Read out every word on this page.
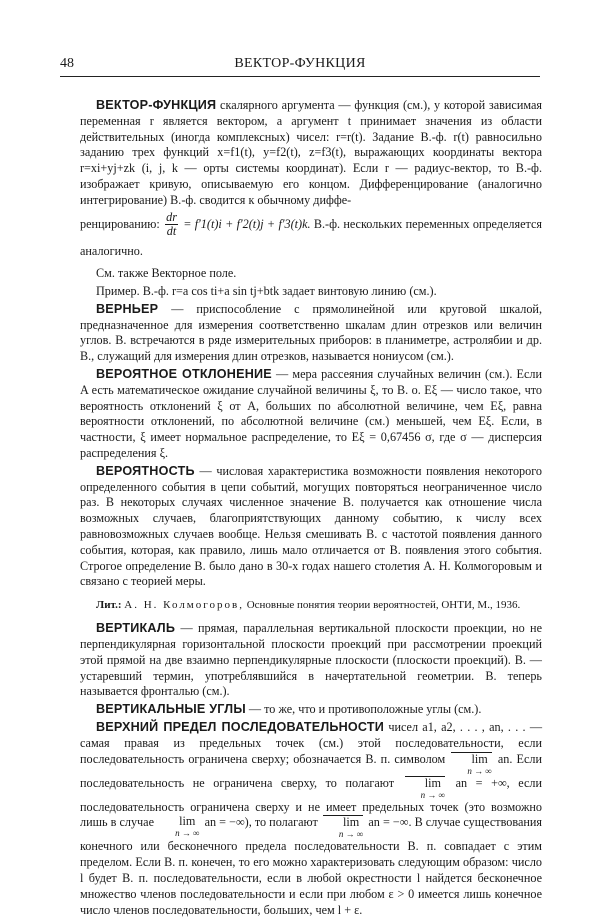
48	ВЕКТОР-ФУНКЦИЯ

ВЕКТОР-ФУНКЦИЯ скалярного аргумента — функция (см.), у которой зависимая переменная r является вектором, а аргумент t принимает значения из области действительных (иногда комплексных) чисел: r=r(t). Задание В.-ф. r(t) равносильно заданию трех функций x=f1(t), y=f2(t), z=f3(t), выражающих координаты вектора r=xi+yj+zk (i, j, k — орты системы координат). Если r — радиус-вектор, то В.-ф. изображает кривую, описываемую его концом. Дифференцирование (аналогично интегрирование) В.-ф. сводится к обычному диффе-

ренцированию: $\frac{dr}{dt} = f'1(t)i + f'2(t)j + f'3(t)k$. В.-ф. нескольких переменных определяется аналогично.

См. также Векторное поле.

Пример. В.-ф. r=a cos ti+a sin tj+btk задает винтовую линию (см.).

ВЕРНЬЕР — приспособление с прямолинейной или круговой шкалой, предназначенное для измерения соответственно шкалам длин отрезков или величин углов. В. встречаются в ряде измерительных приборов: в планиметре, астролябии и др. В., служащий для измерения длин отрезков, называется нониусом (см.).

ВЕРОЯТНОЕ ОТКЛОНЕНИЕ — мера рассеяния случайных величин (см.). Если A есть математическое ожидание случайной величины ξ, то В. о. Eξ — число такое, что вероятность отклонений ξ от A, больших по абсолютной величине, чем Eξ, равна вероятности отклонений, по абсолютной величине (см.) меньшей, чем Eξ. Если, в частности, ξ имеет нормальное распределение, то Eξ = 0,67456 σ, где σ — дисперсия распределения ξ.

ВЕРОЯТНОСТЬ — числовая характеристика возможности появления некоторого определенного события в цепи событий, могущих повторяться неограниченное число раз. В некоторых случаях численное значение В. получается как отношение числа возможных случаев, благоприятствующих данному событию, к числу всех равновозможных случаев вообще. Нельзя смешивать В. с частотой появления данного события, которая, как правило, лишь мало отличается от В. появления этого события. Строгое определение В. было дано в 30-х годах нашего столетия А. Н. Колмогоровым и связано с теорией меры.

Лит.: А. Н. Колмогоров, Основные понятия теории вероятностей, ОНТИ, М., 1936.

ВЕРТИКАЛЬ — прямая, параллельная вертикальной плоскости проекции, но не перпендикулярная горизонтальной плоскости проекций при рассмотрении проекций этой прямой на две взаимно перпендикулярные плоскости (плоскости проекций). В. — устаревший термин, употреблявшийся в начертательной геометрии. В. теперь называется фронталью (см.).

ВЕРТИКАЛЬНЫЕ УГЛЫ — то же, что и противоположные углы (см.).

ВЕРХНИЙ ПРЕДЕЛ ПОСЛЕДОВАТЕЛЬНОСТИ чисел a1, a2, . . . , an, . . . — самая правая из предельных точек (см.) этой последовательности, если последовательность ограничена сверху; обозначается В. п. символом	lim
n → ∞
an. Если последовательность не ограничена сверху, то полагают	lim
n → ∞
an = +∞, если последовательность ограничена сверху и не имеет предельных точек (это возможно лишь в случае	lim
n → ∞
an = −∞), то полагают	lim
n → ∞
an = −∞. В случае существования конечного или бесконечного предела последовательности В. п. совпадает с этим пределом. Если В. п. конечен, то его можно характеризовать следующим образом: число l будет В. п. последовательности, если в любой окрестности l найдется бесконечное множество членов последовательности и если при любом ε > 0 имеется лишь конечное число членов последовательности, больших, чем l + ε.
